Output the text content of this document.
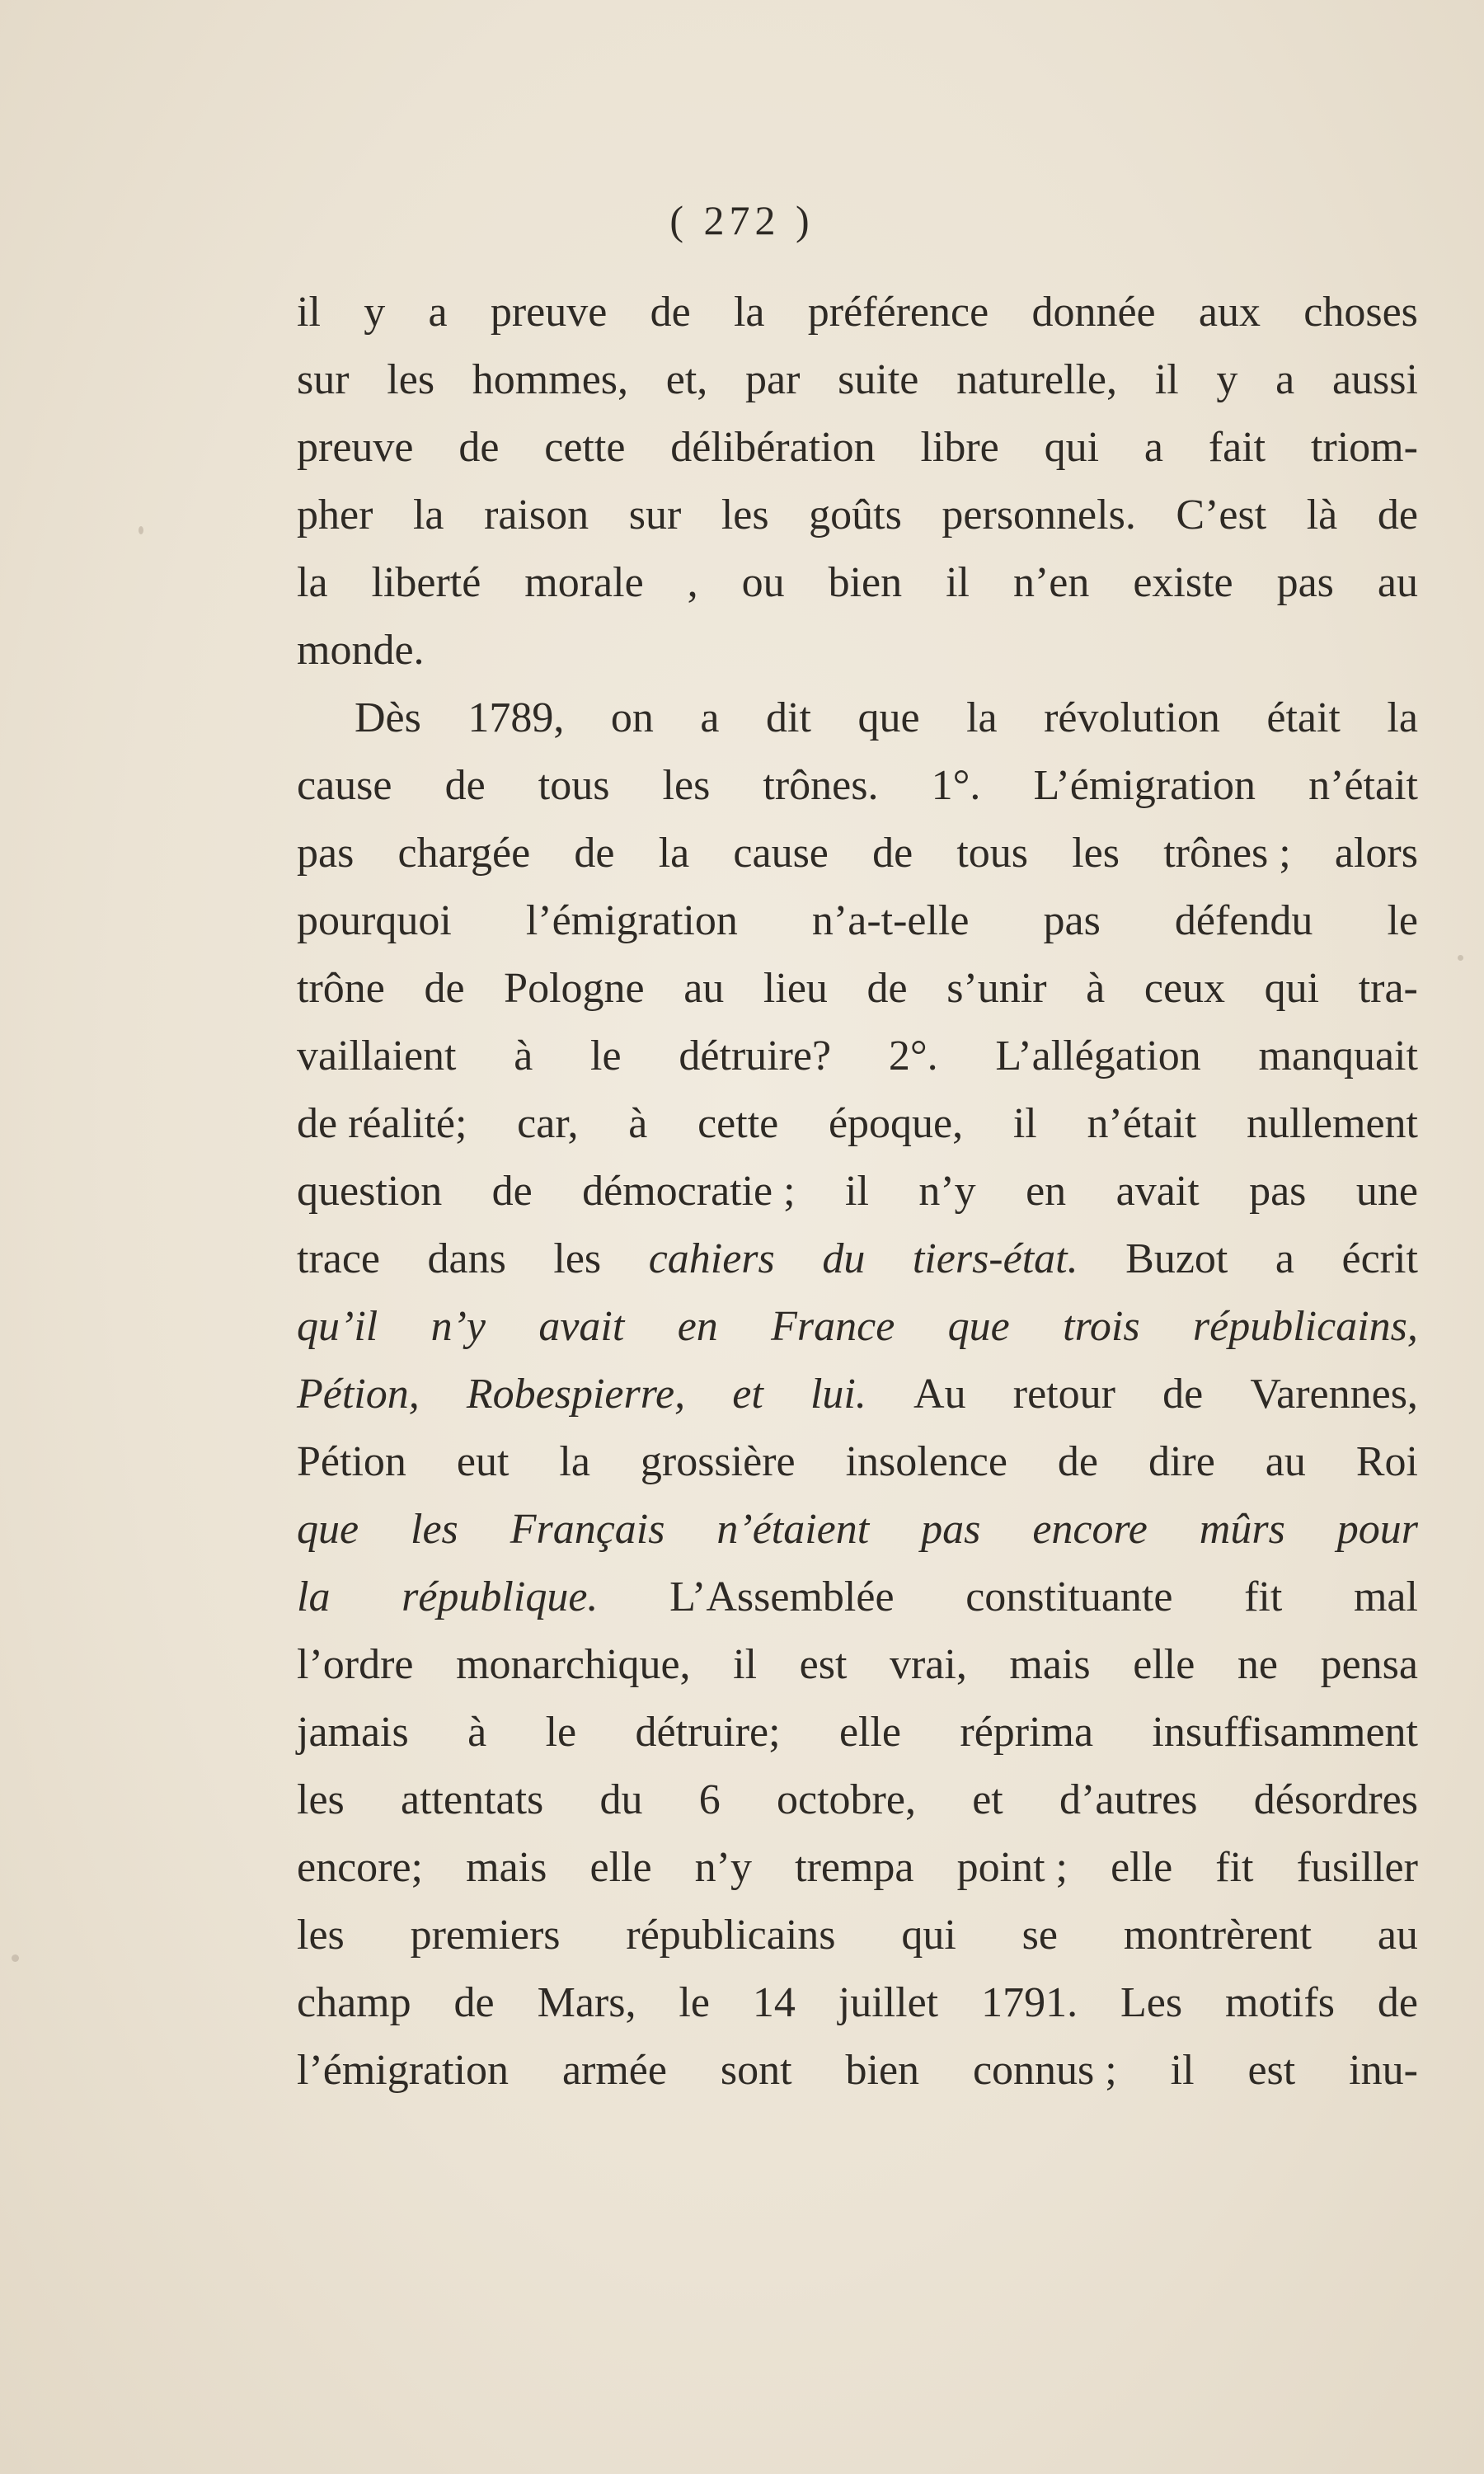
( 272 )
il y a preuve de la préférence donnée aux choses
sur les hommes, et, par suite naturelle, il y a aussi
preuve de cette délibération libre qui a fait triom-
pher la raison sur les goûts personnels. C’est là de
la liberté morale , ou bien il n’en existe pas au
monde.
Dès 1789, on a dit que la révolution était la
cause de tous les trônes. 1°. L’émigration n’était
pas chargée de la cause de tous les trônes ; alors
pourquoi l’émigration n’a-t-elle pas défendu le
trône de Pologne au lieu de s’unir à ceux qui tra-
vaillaient à le détruire? 2°. L’allégation manquait
de réalité; car, à cette époque, il n’était nullement
question de démocratie ; il n’y en avait pas une
trace dans les cahiers du tiers-état. Buzot a écrit
qu’il n’y avait en France que trois républicains,
Pétion, Robespierre, et lui. Au retour de Varennes,
Pétion eut la grossière insolence de dire au Roi
que les Français n’étaient pas encore mûrs pour
la république. L’Assemblée constituante fit mal
l’ordre monarchique, il est vrai, mais elle ne pensa
jamais à le détruire; elle réprima insuffisamment
les attentats du 6 octobre, et d’autres désordres
encore; mais elle n’y trempa point ; elle fit fusiller
les premiers républicains qui se montrèrent au
champ de Mars, le 14 juillet 1791. Les motifs de
l’émigration armée sont bien connus ; il est inu-
